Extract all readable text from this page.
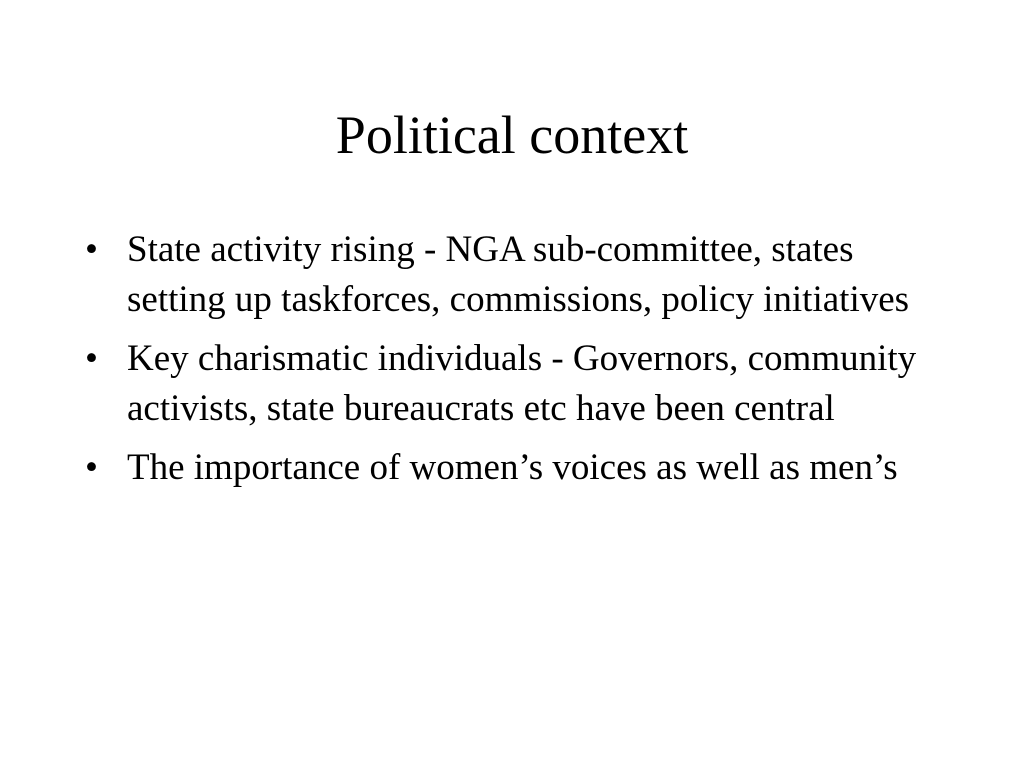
Political context
• State activity rising - NGA sub-committee, states setting up taskforces, commissions, policy initiatives
• Key charismatic individuals - Governors, community activists, state bureaucrats etc have been central
• The importance of women’s voices as well as men’s
